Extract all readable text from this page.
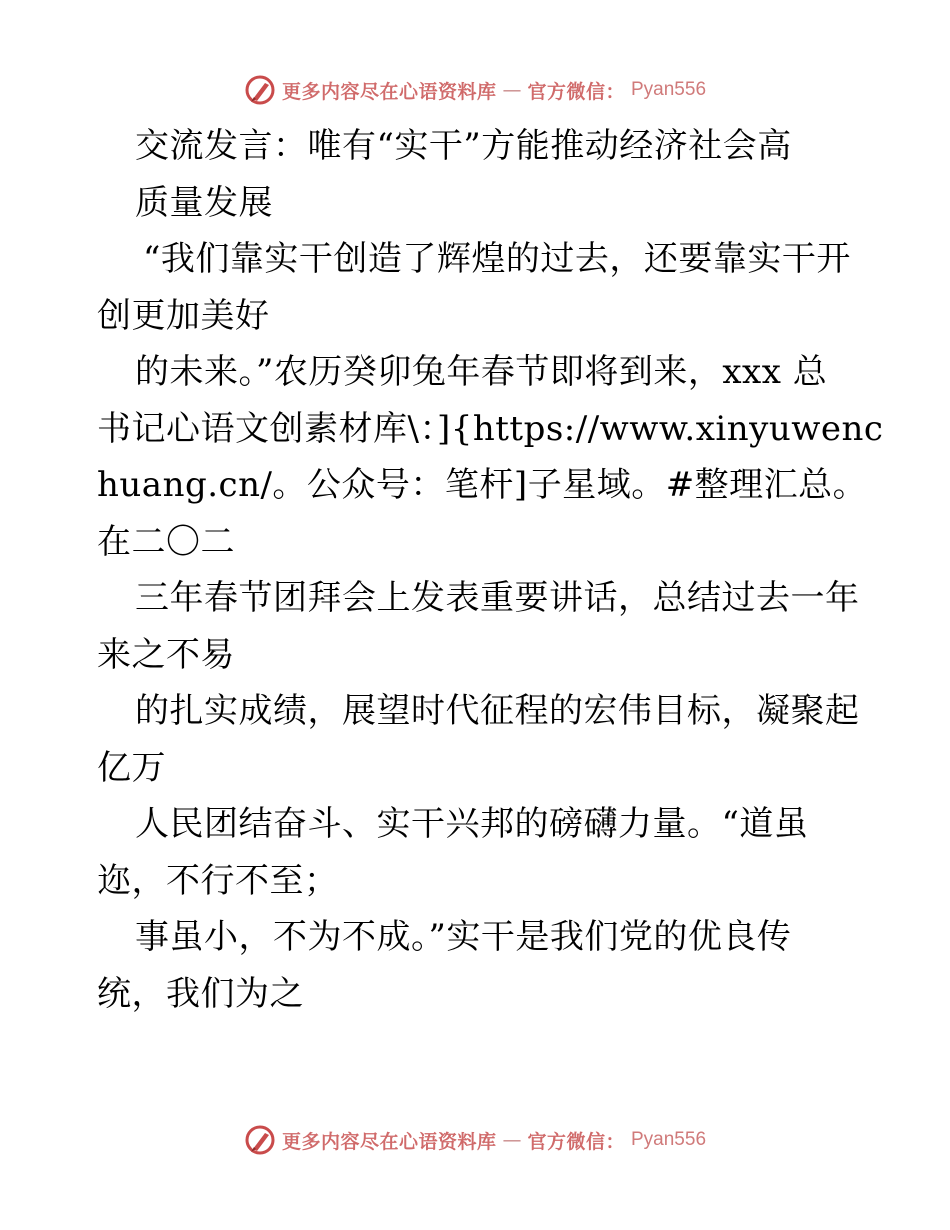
更多内容尽在心语资料库 — 官方微信： Pyan556
交流发言：唯有“实干”方能推动经济社会高
质量发展
“我们靠实干创造了辉煌的过去，还要靠实干开
创更加美好
的未来。”农历癸卯兔年春节即将到来，xxx 总
书记心语文创素材库\：]{https://www.xinyuwenc
huang.cn/。公众号：笔杆]子星域。#整理汇总。
在二〇二
三年春节团拜会上发表重要讲话，总结过去一年
来之不易
的扎实成绩，展望时代征程的宏伟目标，凝聚起
亿万
人民团结奋斗、实干兴邦的磅礴力量。“道虽
迩，不行不至；
事虽小，不为不成。”实干是我们党的优良传
统，我们为之
更多内容尽在心语资料库 — 官方微信： Pyan556
